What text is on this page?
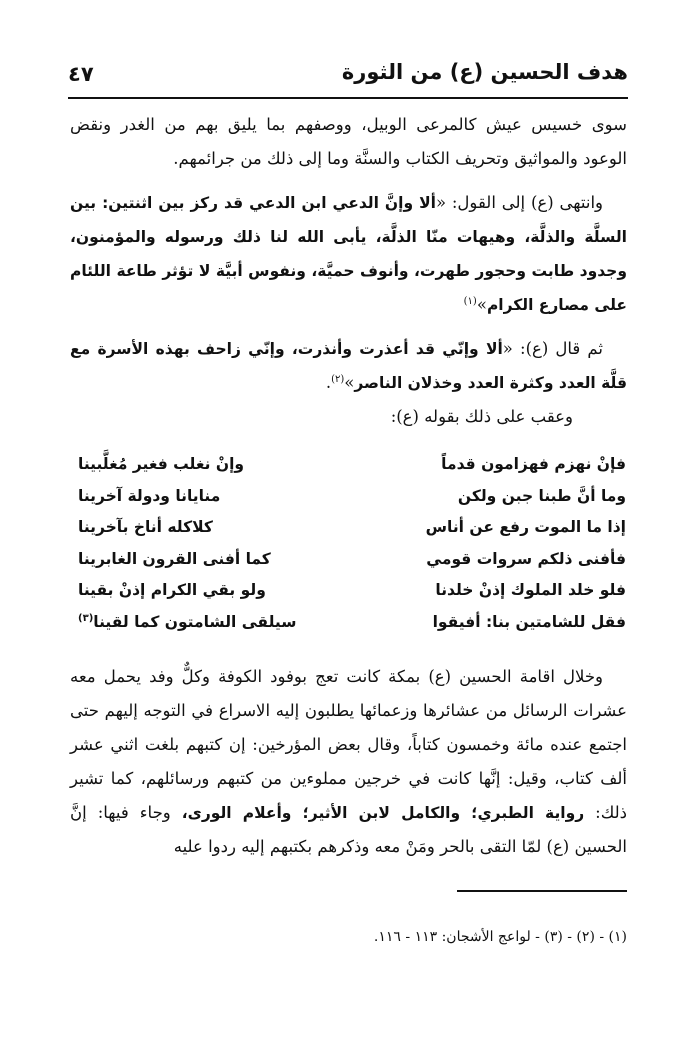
هدف الحسين (ع) من الثورة
٤٧

سوى خسيس عيش كالمرعى الوبيل، ووصفهم بما يليق بهم من الغدر ونقض الوعود والمواثيق وتحريف الكتاب والسنَّة وما إلى ذلك من جرائمهم.

وانتهى (ع) إلى القول: «ألا وإنَّ الدعي ابن الدعي قد ركز بين اثنتين: بين السلَّة والذلَّة، وهيهات منّا الذلَّة، يأبى الله لنا ذلك ورسوله والمؤمنون، وجدود طابت وحجور طهرت، وأنوف حميَّة، ونفوس أبيَّة لا تؤثر طاعة اللئام على مصارع الكرام»$^{(١)}$

ثم قال (ع): «ألا وإنّي قد أعذرت وأنذرت، وإنّي زاحف بهذه الأسرة مع قلَّة العدد وكثرة العدد وخذلان الناصر»$^{(٢)}$.

وعقب على ذلك بقوله (ع):

فإنْ نهزم فهزامون قدماً
وإنْ نغلب فغير مُغلَّبينا
وما أنَّ طبنا جبن ولكن
منايانا ودولة آخرينا
إذا ما الموت رفع عن أناس
كلاكله أناخ بآخرينا
فأفنى ذلكم سروات قومي
كما أفنى القرون الغابرينا
فلو خلد الملوك إذنْ خلدنا
ولو بقي الكرام إذنْ بقينا
فقل للشامتين بنا: أفيقوا
سيلقى الشامتون كما لقينا$^{(٣)}$

وخلال اقامة الحسين (ع) بمكة كانت تعج بوفود الكوفة وكلٌّ وفد يحمل معه عشرات الرسائل من عشائرها وزعمائها يطلبون إليه الاسراع في التوجه إليهم حتى اجتمع عنده مائة وخمسون كتاباً، وقال بعض المؤرخين: إن كتبهم بلغت اثني عشر ألف كتاب، وقيل: إنَّها كانت في خرجين مملوءين من كتبهم ورسائلهم، كما تشير ذلك: رواية الطبري؛ والكامل لابن الأثير؛ وأعلام الورى، وجاء فيها: إنَّ الحسين (ع) لمّا التقى بالحر ومَنْ معه وذكرهم بكتبهم إليه ردوا عليه

(١) - (٢) - (٣) - لواعج الأشجان: ١١٣ - ١١٦.
